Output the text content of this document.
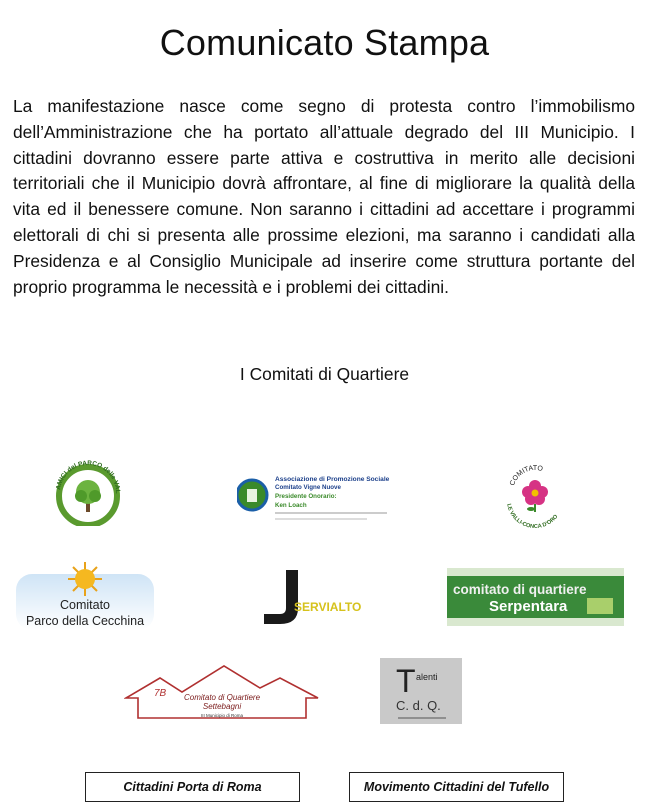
Comunicato Stampa

La manifestazione nasce come segno di protesta contro l’immobilismo dell’Amministrazione che ha portato all’attuale degrado del III Municipio. I cittadini dovranno essere parte attiva e costruttiva in merito alle decisioni territoriali che il Municipio dovrà affrontare, al fine di migliorare la qualità della vita ed il benessere comune. Non saranno i cittadini ad accettare i programmi elettorali di chi si presenta alle prossime elezioni, ma saranno i candidati alla Presidenza e al Consiglio Municipale ad inserire come struttura portante del proprio programma le necessità e i problemi dei cittadini.

I Comitati di Quartiere
AMICI del PARCO delle VAL
Associazione di Promozione Sociale
Comitato Vigne Nuove
Presidente Onorario:
Ken Loach
COMITATO
LE VALLI-CONCA D'ORO
Comitato
Parco della Cecchina
SERVIALTO
comitato di quartiere
Serpentara
7B Comitato di Quartiere
Settebagni
III Municipio di Roma
T alenti
C. d. Q.
Cittadini Porta di Roma	Movimento Cittadini del Tufello
